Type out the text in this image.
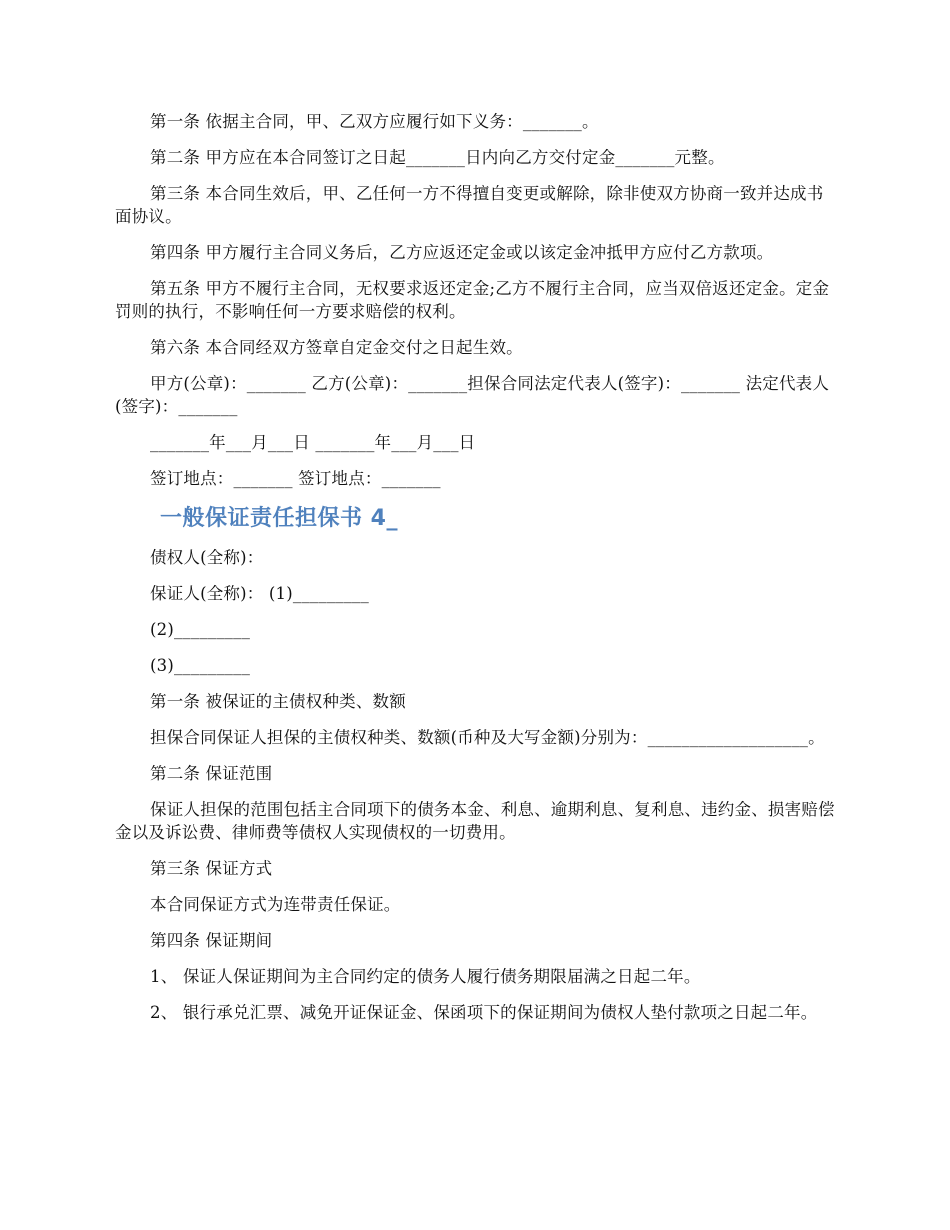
第一条 依据主合同，甲、乙双方应履行如下义务：_______。

第二条 甲方应在本合同签订之日起_______日内向乙方交付定金_______元整。

第三条 本合同生效后，甲、乙任何一方不得擅自变更或解除，除非使双方协商一致并达成书面协议。

第四条 甲方履行主合同义务后，乙方应返还定金或以该定金冲抵甲方应付乙方款项。

第五条 甲方不履行主合同，无权要求返还定金;乙方不履行主合同，应当双倍返还定金。定金罚则的执行，不影响任何一方要求赔偿的权利。

第六条 本合同经双方签章自定金交付之日起生效。

甲方(公章)：_______ 乙方(公章)：_______担保合同法定代表人(签字)：_______ 法定代表人(签字)：_______

_______年___月___日 _______年___月___日

签订地点：_______ 签订地点：_______

一般保证责任担保书 4_

债权人(全称)：

保证人(全称)： (1)_________

(2)_________

(3)_________

第一条 被保证的主债权种类、数额

担保合同保证人担保的主债权种类、数额(币种及大写金额)分别为：___________________。

第二条 保证范围

保证人担保的范围包括主合同项下的债务本金、利息、逾期利息、复利息、违约金、损害赔偿金以及诉讼费、律师费等债权人实现债权的一切费用。

第三条 保证方式

本合同保证方式为连带责任保证。

第四条 保证期间

1、 保证人保证期间为主合同约定的债务人履行债务期限届满之日起二年。

2、 银行承兑汇票、减免开证保证金、保函项下的保证期间为债权人垫付款项之日起二年。
